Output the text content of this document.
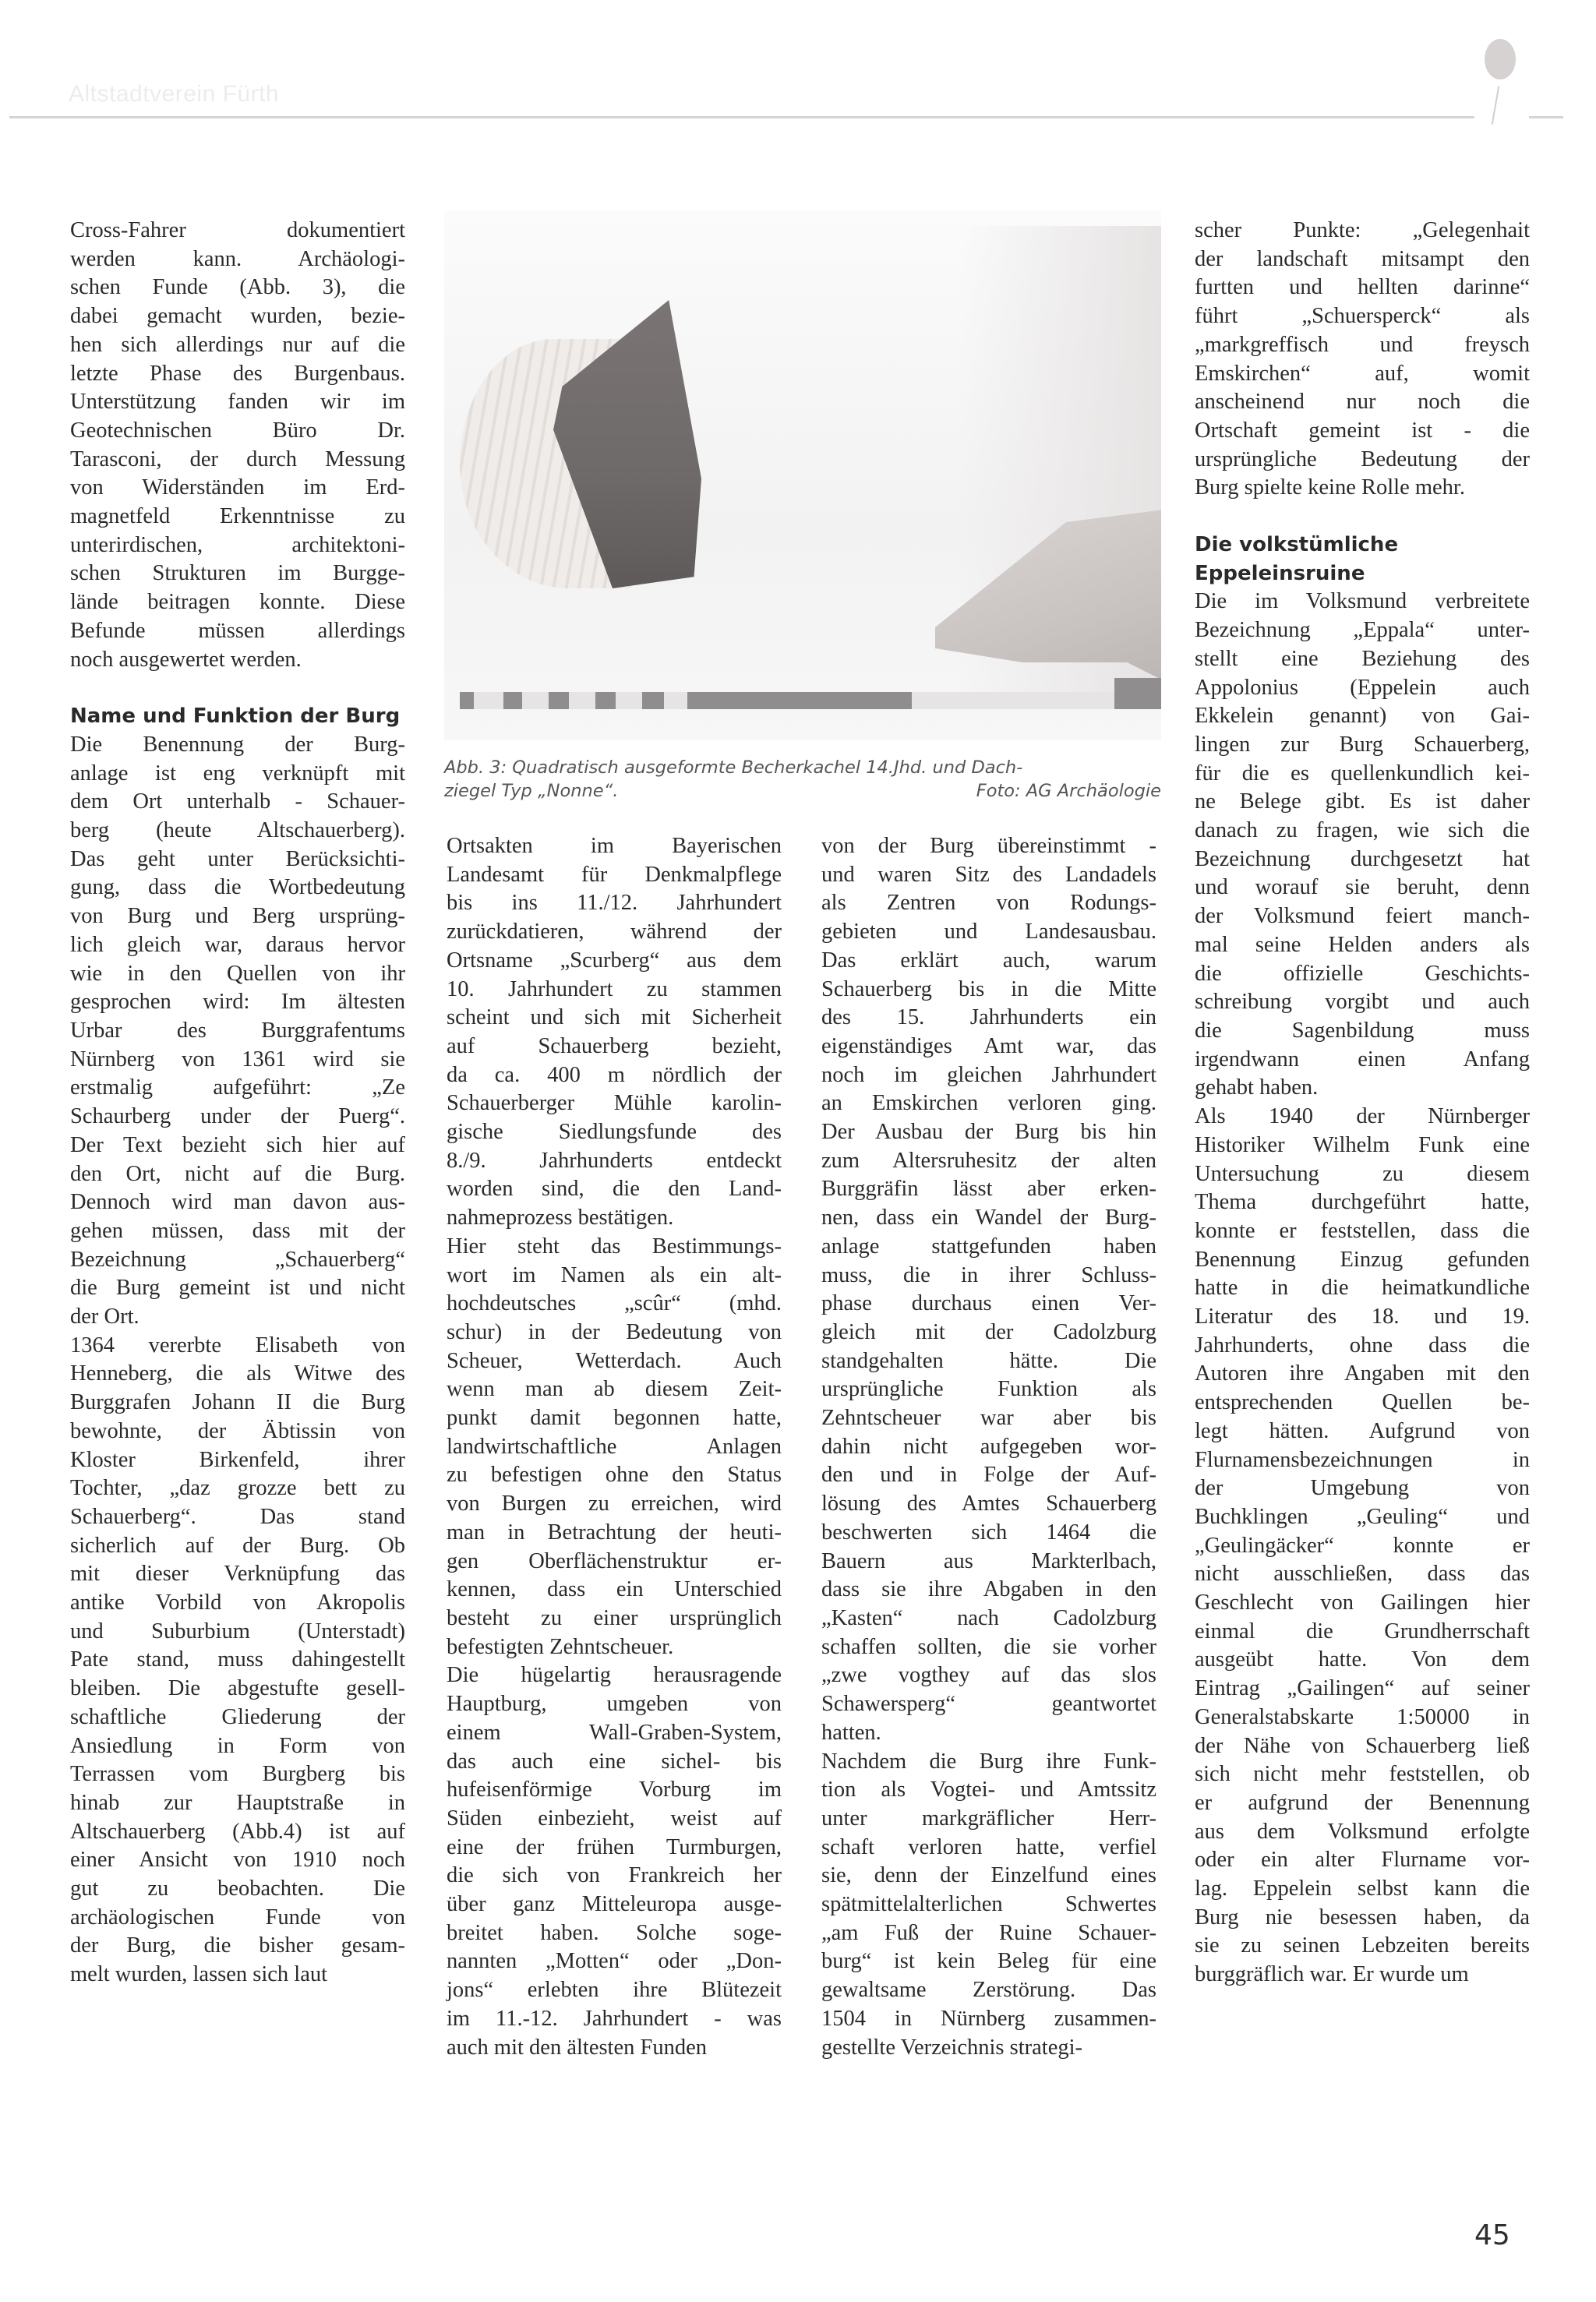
Altstadtverein Fürth
Cross-Fahrer dokumentiert
werden kann. Archäologi-
schen Funde (Abb. 3), die
dabei gemacht wurden, bezie-
hen sich allerdings nur auf die
letzte Phase des Burgenbaus.
Unterstützung fanden wir im
Geotechnischen Büro Dr.
Tarasconi, der durch Messung
von Widerständen im Erd-
magnetfeld Erkenntnisse zu
unterirdischen, architektoni-
schen Strukturen im Burgge-
lände beitragen konnte. Diese
Befunde müssen allerdings
noch ausgewertet werden.
Name und Funktion der Burg
Die Benennung der Burg-
anlage ist eng verknüpft mit
dem Ort unterhalb - Schauer-
berg (heute Altschauerberg).
Das geht unter Berücksichti-
gung, dass die Wortbedeutung
von Burg und Berg ursprüng-
lich gleich war, daraus hervor
wie in den Quellen von ihr
gesprochen wird: Im ältesten
Urbar des Burggrafentums
Nürnberg von 1361 wird sie
erstmalig aufgeführt: „Ze
Schaurberg under der Puerg“.
Der Text bezieht sich hier auf
den Ort, nicht auf die Burg.
Dennoch wird man davon aus-
gehen müssen, dass mit der
Bezeichnung „Schauerberg“
die Burg gemeint ist und nicht
der Ort.
1364 vererbte Elisabeth von
Henneberg, die als Witwe des
Burggrafen Johann II die Burg
bewohnte, der Äbtissin von
Kloster Birkenfeld, ihrer
Tochter, „daz grozze bett zu
Schauerberg“. Das stand
sicherlich auf der Burg. Ob
mit dieser Verknüpfung das
antike Vorbild von Akropolis
und Suburbium (Unterstadt)
Pate stand, muss dahingestellt
bleiben. Die abgestufte gesell-
schaftliche Gliederung der
Ansiedlung in Form von
Terrassen vom Burgberg bis
hinab zur Hauptstraße in
Altschauerberg (Abb.4) ist auf
einer Ansicht von 1910 noch
gut zu beobachten. Die
archäologischen Funde von
der Burg, die bisher gesam-
melt wurden, lassen sich laut
Abb. 3: Quadratisch ausgeformte Becherkachel 14.Jhd. und Dach-
ziegel Typ „Nonne“.	Foto: AG Archäologie
Ortsakten im Bayerischen
Landesamt für Denkmalpflege
bis ins 11./12. Jahrhundert
zurückdatieren, während der
Ortsname „Scurberg“ aus dem
10. Jahrhundert zu stammen
scheint und sich mit Sicherheit
auf Schauerberg bezieht,
da ca. 400 m nördlich der
Schauerberger Mühle karolin-
gische Siedlungsfunde des
8./9. Jahrhunderts entdeckt
worden sind, die den Land-
nahmeprozess bestätigen.
Hier steht das Bestimmungs-
wort im Namen als ein alt-
hochdeutsches „scûr“ (mhd.
schur) in der Bedeutung von
Scheuer, Wetterdach. Auch
wenn man ab diesem Zeit-
punkt damit begonnen hatte,
landwirtschaftliche Anlagen
zu befestigen ohne den Status
von Burgen zu erreichen, wird
man in Betrachtung der heuti-
gen Oberflächenstruktur er-
kennen, dass ein Unterschied
besteht zu einer ursprünglich
befestigten Zehntscheuer.
Die hügelartig herausragende
Hauptburg, umgeben von
einem Wall-Graben-System,
das auch eine sichel- bis
hufeisenförmige Vorburg im
Süden einbezieht, weist auf
eine der frühen Turmburgen,
die sich von Frankreich her
über ganz Mitteleuropa ausge-
breitet haben. Solche soge-
nannten „Motten“ oder „Don-
jons“ erlebten ihre Blütezeit
im 11.-12. Jahrhundert - was
auch mit den ältesten Funden
von der Burg übereinstimmt -
und waren Sitz des Landadels
als Zentren von Rodungs-
gebieten und Landesausbau.
Das erklärt auch, warum
Schauerberg bis in die Mitte
des 15. Jahrhunderts ein
eigenständiges Amt war, das
noch im gleichen Jahrhundert
an Emskirchen verloren ging.
Der Ausbau der Burg bis hin
zum Altersruhesitz der alten
Burggräfin lässt aber erken-
nen, dass ein Wandel der Burg-
anlage stattgefunden haben
muss, die in ihrer Schluss-
phase durchaus einen Ver-
gleich mit der Cadolzburg
standgehalten hätte. Die
ursprüngliche Funktion als
Zehntscheuer war aber bis
dahin nicht aufgegeben wor-
den und in Folge der Auf-
lösung des Amtes Schauerberg
beschwerten sich 1464 die
Bauern aus Markterlbach,
dass sie ihre Abgaben in den
„Kasten“ nach Cadolzburg
schaffen sollten, die sie vorher
„zwe vogthey auf das slos
Schawersperg“ geantwortet
hatten.
Nachdem die Burg ihre Funk-
tion als Vogtei- und Amtssitz
unter markgräflicher Herr-
schaft verloren hatte, verfiel
sie, denn der Einzelfund eines
spätmittelalterlichen Schwertes
„am Fuß der Ruine Schauer-
burg“ ist kein Beleg für eine
gewaltsame Zerstörung. Das
1504 in Nürnberg zusammen-
gestellte Verzeichnis strategi-
scher Punkte: „Gelegenhait
der landschaft mitsampt den
furtten und hellten darinne“
führt „Schuersperck“ als
„markgreffisch und freysch
Emskirchen“ auf, womit
anscheinend nur noch die
Ortschaft gemeint ist - die
ursprüngliche Bedeutung der
Burg spielte keine Rolle mehr.
Die volkstümliche
Eppeleinsruine
Die im Volksmund verbreitete
Bezeichnung „Eppala“ unter-
stellt eine Beziehung des
Appolonius (Eppelein auch
Ekkelein genannt) von Gai-
lingen zur Burg Schauerberg,
für die es quellenkundlich kei-
ne Belege gibt. Es ist daher
danach zu fragen, wie sich die
Bezeichnung durchgesetzt hat
und worauf sie beruht, denn
der Volksmund feiert manch-
mal seine Helden anders als
die offizielle Geschichts-
schreibung vorgibt und auch
die Sagenbildung muss
irgendwann einen Anfang
gehabt haben.
Als 1940 der Nürnberger
Historiker Wilhelm Funk eine
Untersuchung zu diesem
Thema durchgeführt hatte,
konnte er feststellen, dass die
Benennung Einzug gefunden
hatte in die heimatkundliche
Literatur des 18. und 19.
Jahrhunderts, ohne dass die
Autoren ihre Angaben mit den
entsprechenden Quellen be-
legt hätten. Aufgrund von
Flurnamensbezeichnungen in
der Umgebung von
Buchklingen „Geuling“ und
„Geulingäcker“ konnte er
nicht ausschließen, dass das
Geschlecht von Gailingen hier
einmal die Grundherrschaft
ausgeübt hatte. Von dem
Eintrag „Gailingen“ auf seiner
Generalstabskarte 1:50000 in
der Nähe von Schauerberg ließ
sich nicht mehr feststellen, ob
er aufgrund der Benennung
aus dem Volksmund erfolgte
oder ein alter Flurname vor-
lag. Eppelein selbst kann die
Burg nie besessen haben, da
sie zu seinen Lebzeiten bereits
burggräflich war. Er wurde um
45
